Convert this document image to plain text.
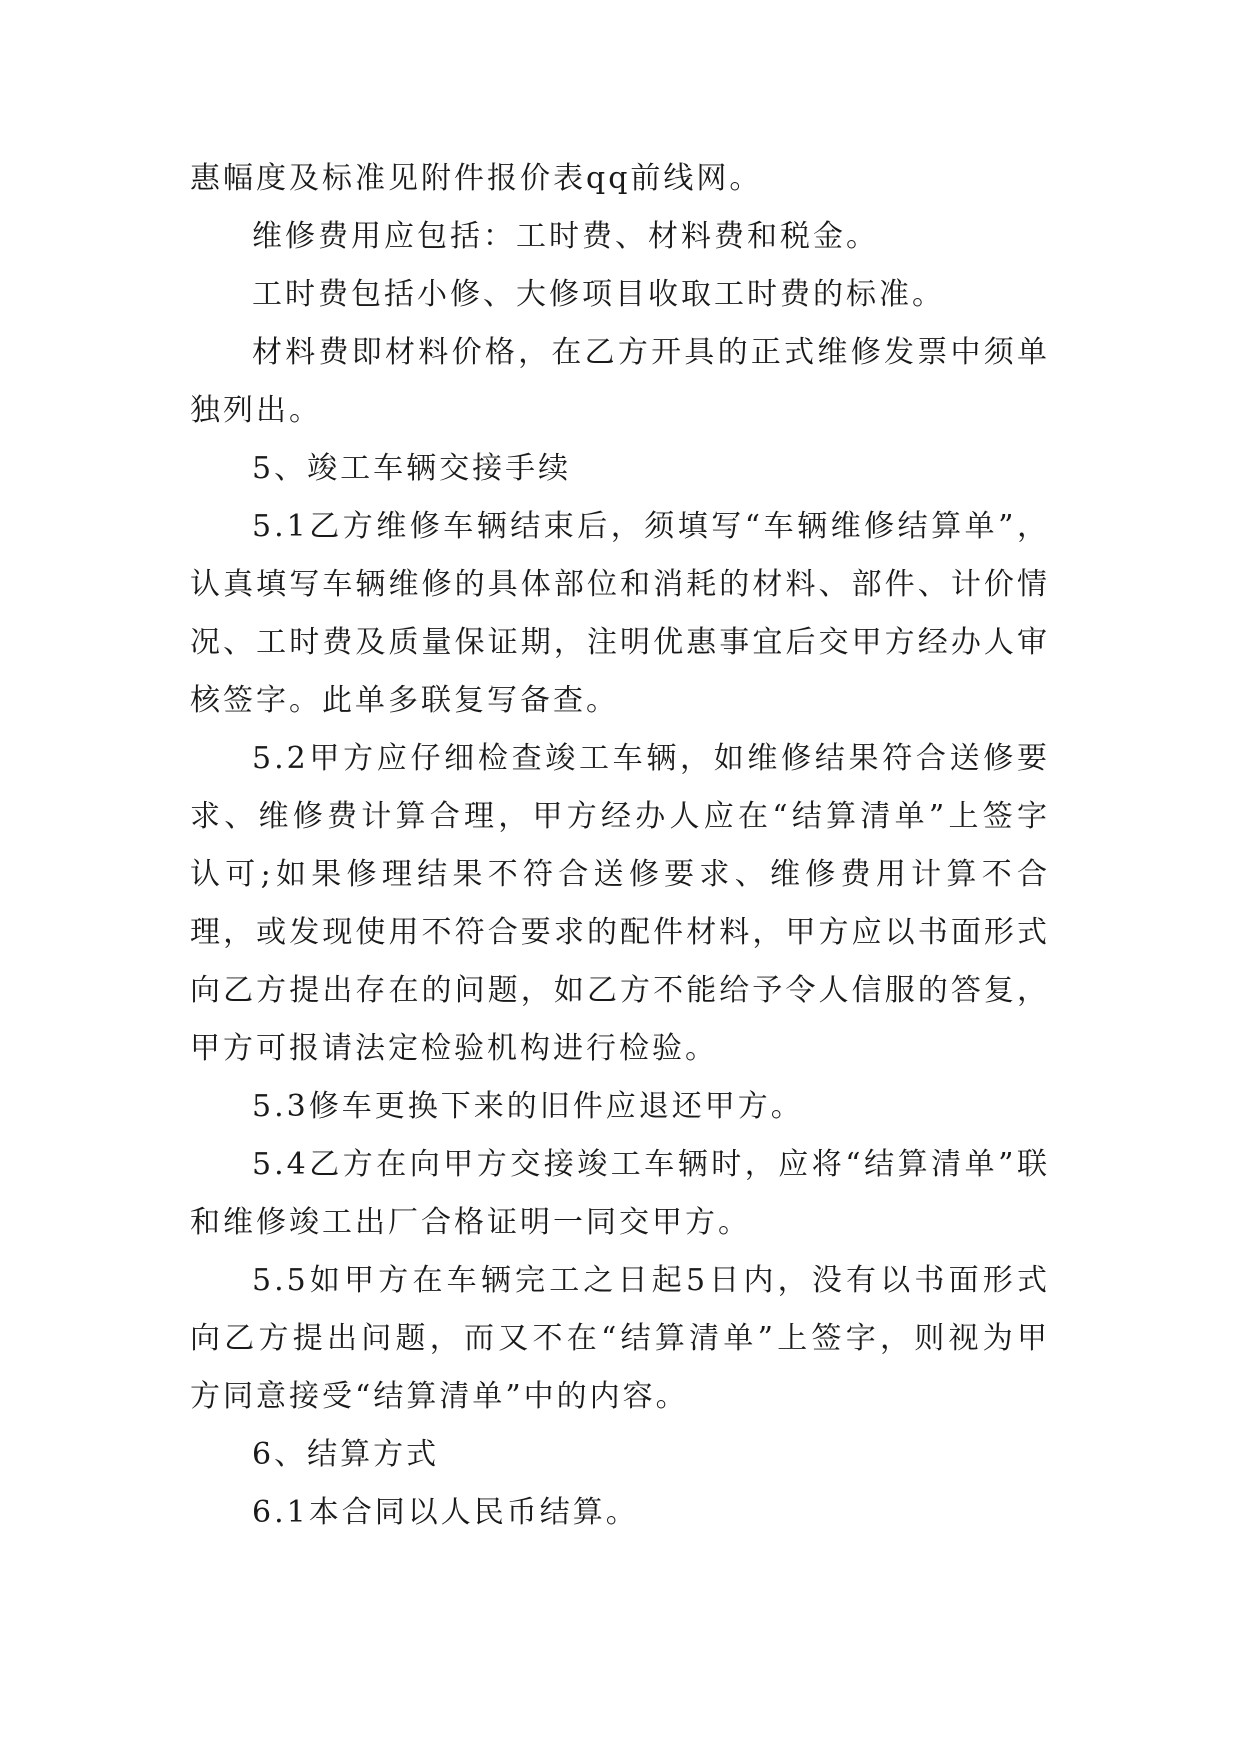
惠幅度及标准见附件报价表qq前线网。

维修费用应包括：工时费、材料费和税金。

工时费包括小修、大修项目收取工时费的标准。

材料费即材料价格，在乙方开具的正式维修发票中须单独列出。

5、竣工车辆交接手续

5.1乙方维修车辆结束后，须填写“车辆维修结算单”，认真填写车辆维修的具体部位和消耗的材料、部件、计价情况、工时费及质量保证期，注明优惠事宜后交甲方经办人审核签字。此单多联复写备查。

5.2甲方应仔细检查竣工车辆，如维修结果符合送修要求、维修费计算合理，甲方经办人应在“结算清单”上签字认可;如果修理结果不符合送修要求、维修费用计算不合理，或发现使用不符合要求的配件材料，甲方应以书面形式向乙方提出存在的问题，如乙方不能给予令人信服的答复，甲方可报请法定检验机构进行检验。

5.3修车更换下来的旧件应退还甲方。

5.4乙方在向甲方交接竣工车辆时，应将“结算清单”联和维修竣工出厂合格证明一同交甲方。

5.5如甲方在车辆完工之日起5日内，没有以书面形式向乙方提出问题，而又不在“结算清单”上签字，则视为甲方同意接受“结算清单”中的内容。

6、结算方式

6.1本合同以人民币结算。
